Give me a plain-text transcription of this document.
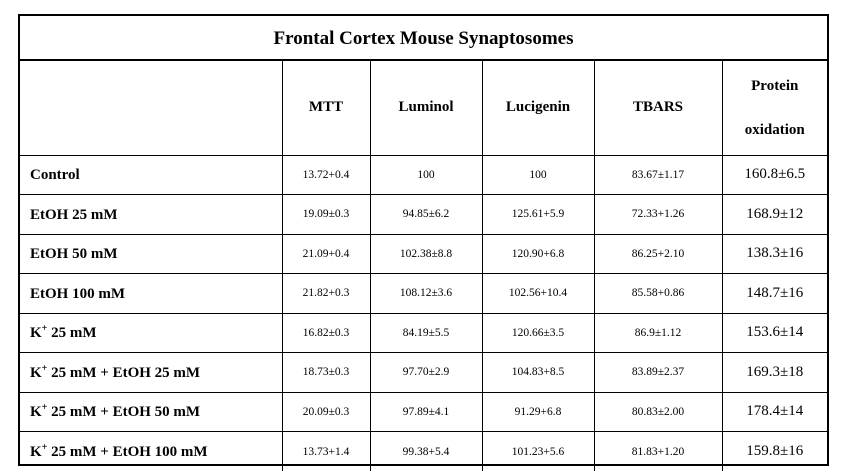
Frontal Cortex Mouse Synaptosomes
	MTT	Luminol	Lucigenin	TBARS	Protein
oxidation

Control	13.72+0.4	100	100	83.67±1.17	160.8±6.5
EtOH 25 mM	19.09±0.3	94.85±6.2	125.61+5.9	72.33+1.26	168.9±12
EtOH 50 mM	21.09+0.4	102.38±8.8	120.90+6.8	86.25+2.10	138.3±16
EtOH 100 mM	21.82+0.3	108.12±3.6	102.56+10.4	85.58+0.86	148.7±16
K+ 25 mM	16.82±0.3	84.19±5.5	120.66±3.5	86.9±1.12	153.6±14
K+ 25 mM + EtOH 25 mM	18.73±0.3	97.70±2.9	104.83+8.5	83.89±2.37	169.3±18
K+ 25 mM + EtOH 50 mM	20.09±0.3	97.89±4.1	91.29+6.8	80.83±2.00	178.4±14
K+ 25 mM + EtOH 100 mM	13.73+1.4	99.38+5.4	101.23+5.6	81.83+1.20	159.8±16
